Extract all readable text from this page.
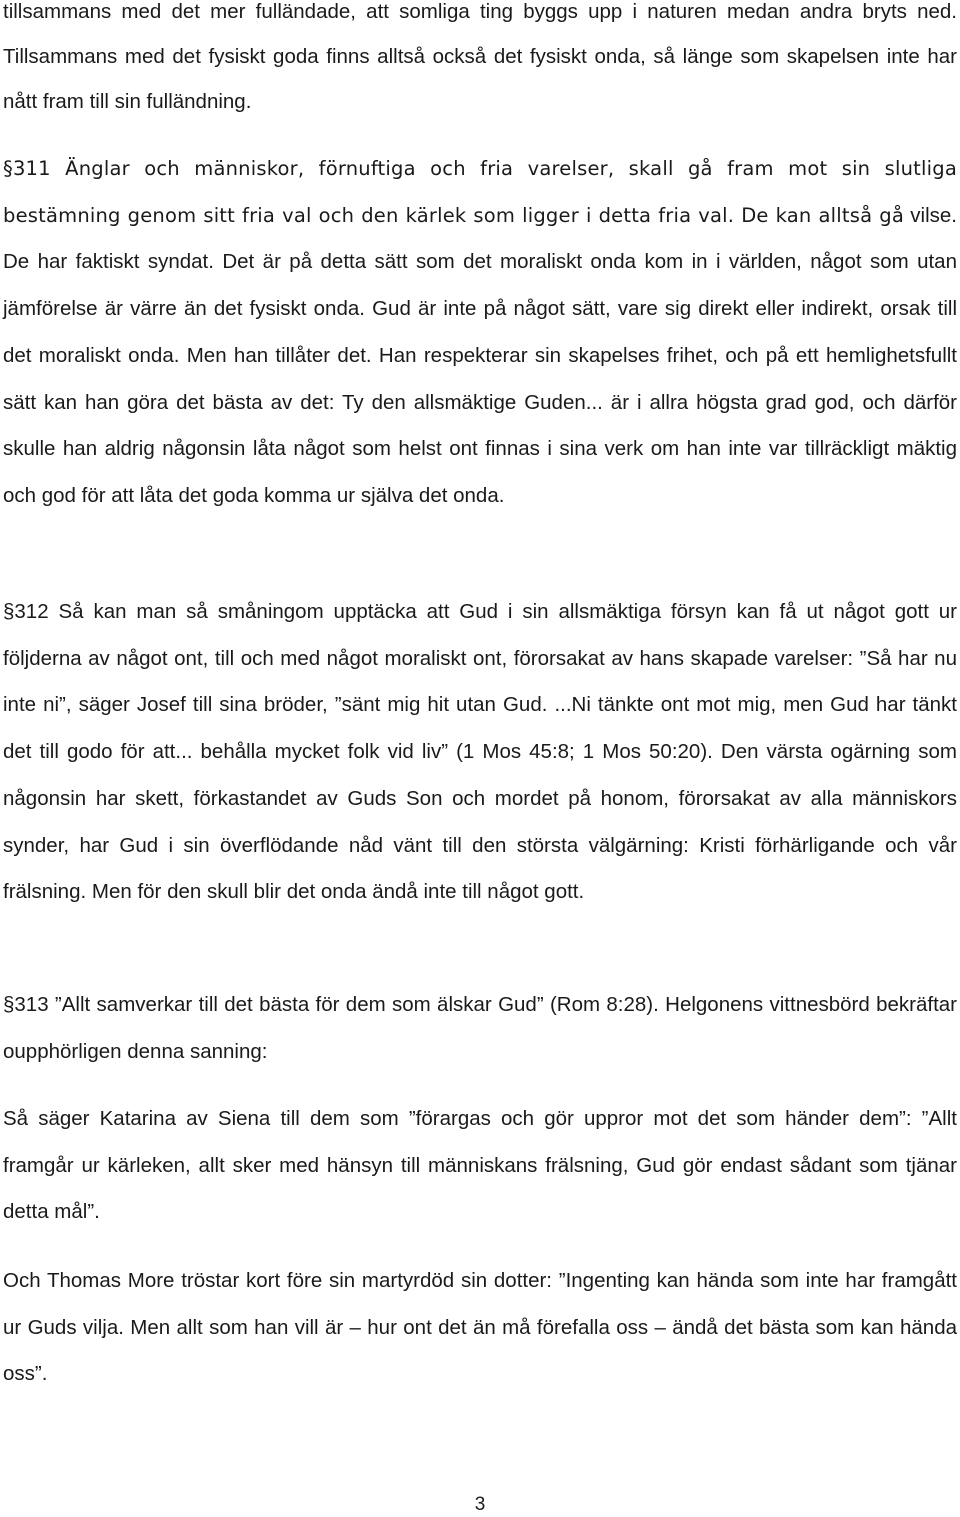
tillsammans med det mer fulländade, att somliga ting byggs upp i naturen medan andra bryts ned. Tillsammans med det fysiskt goda finns alltså också det fysiskt onda, så länge som skapelsen inte har nått fram till sin fulländning.

§311 Änglar och människor, förnuftiga och fria varelser, skall gå fram mot sin slutliga bestämning genom sitt fria val och den kärlek som ligger i detta fria val. De kan alltså gå vilse. De har faktiskt syndat. Det är på detta sätt som det moraliskt onda kom in i världen, något som utan jämförelse är värre än det fysiskt onda. Gud är inte på något sätt, vare sig direkt eller indirekt, orsak till det moraliskt onda. Men han tillåter det. Han respekterar sin skapelses frihet, och på ett hemlighetsfullt sätt kan han göra det bästa av det: Ty den allsmäktige Guden... är i allra högsta grad god, och därför skulle han aldrig någonsin låta något som helst ont finnas i sina verk om han inte var tillräckligt mäktig och god för att låta det goda komma ur själva det onda.

§312 Så kan man så småningom upptäcka att Gud i sin allsmäktiga försyn kan få ut något gott ur följderna av något ont, till och med något moraliskt ont, förorsakat av hans skapade varelser: ”Så har nu inte ni”, säger Josef till sina bröder, ”sänt mig hit utan Gud. ...Ni tänkte ont mot mig, men Gud har tänkt det till godo för att... behålla mycket folk vid liv” (1 Mos 45:8; 1 Mos 50:20). Den värsta ogärning som någonsin har skett, förkastandet av Guds Son och mordet på honom, förorsakat av alla människors synder, har Gud i sin överflödande nåd vänt till den största välgärning: Kristi förhärligande och vår frälsning. Men för den skull blir det onda ändå inte till något gott.

§313 ”Allt samverkar till det bästa för dem som älskar Gud” (Rom 8:28). Helgonens vittnesbörd bekräftar oupphörligen denna sanning:

Så säger Katarina av Siena till dem som ”förargas och gör uppror mot det som händer dem”: ”Allt framgår ur kärleken, allt sker med hänsyn till människans frälsning, Gud gör endast sådant som tjänar detta mål”.

Och Thomas More tröstar kort före sin martyrdöd sin dotter: ”Ingenting kan hända som inte har framgått ur Guds vilja. Men allt som han vill är – hur ont det än må förefalla oss – ändå det bästa som kan hända oss”.

3
